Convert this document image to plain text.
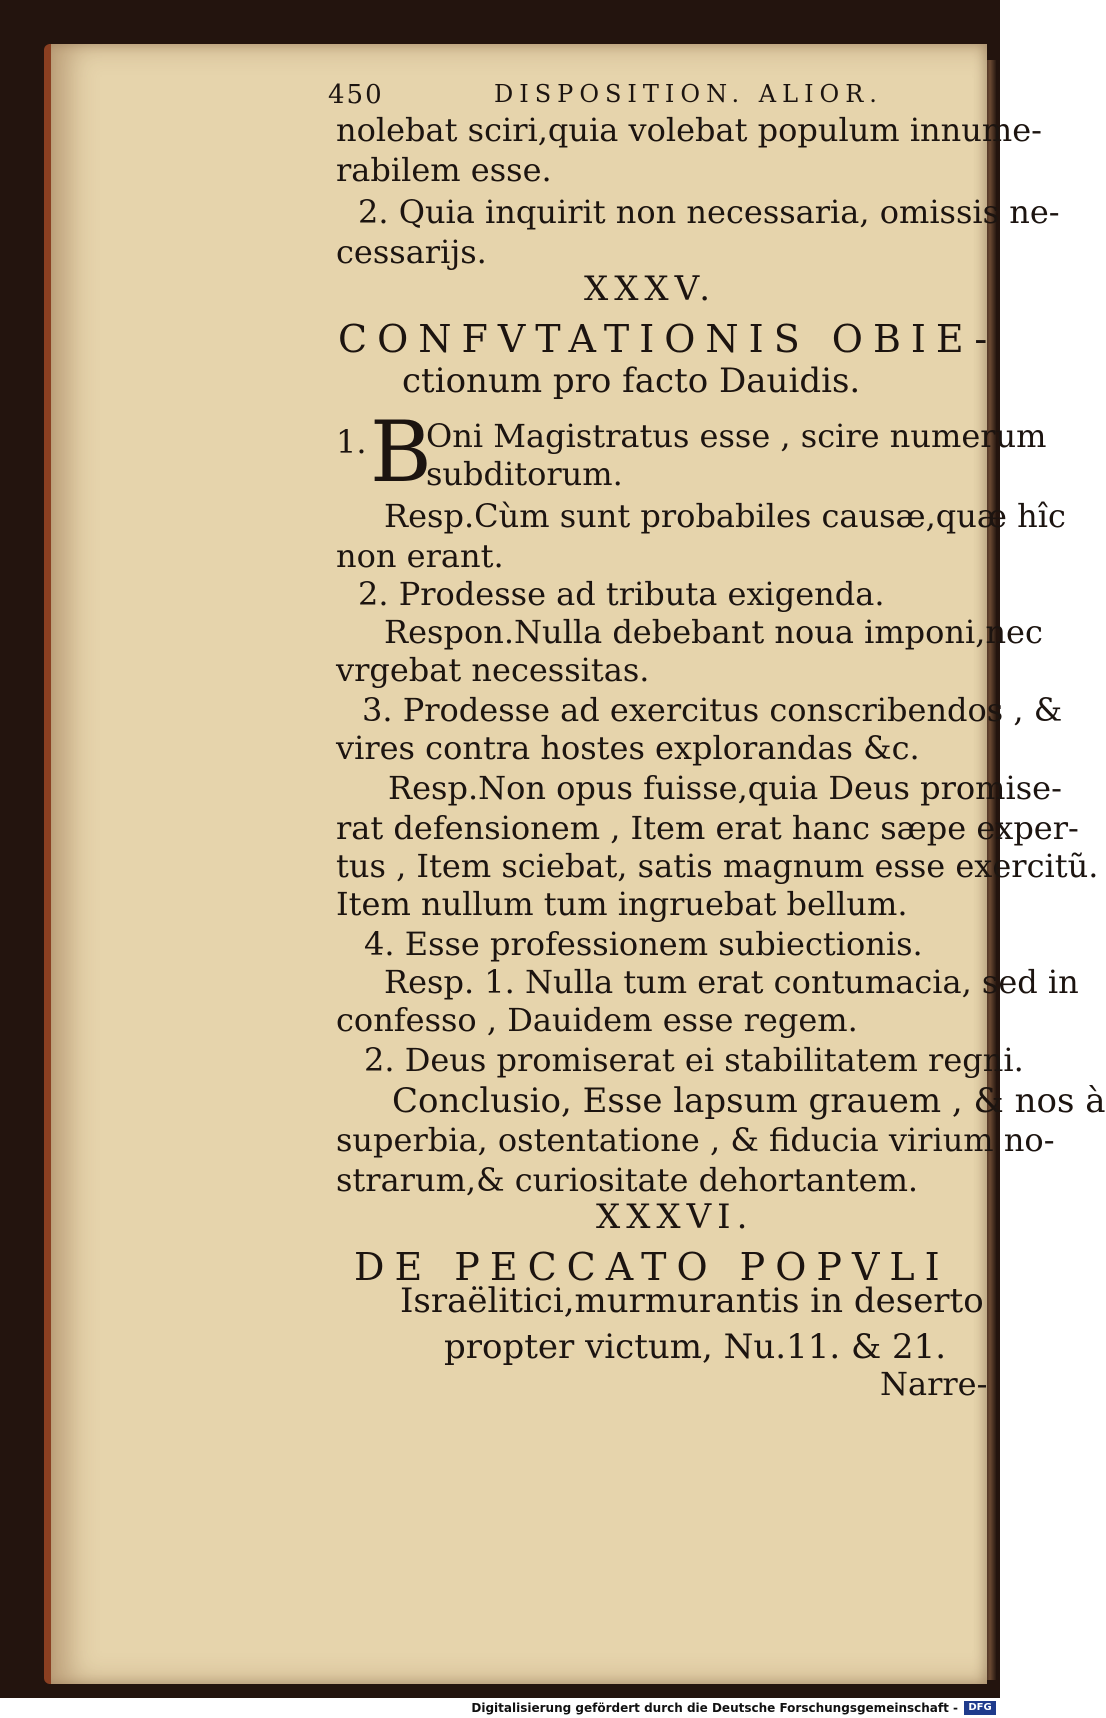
450	DISPOSITION. ALIOR.
nolebat sciri,quia volebat populum innume-
rabilem esse.
2. Quia inquirit non necessaria, omissis ne-
cessarijs.
XXXV.
CONFVTATIONIS OBIE-
ctionum pro facto Dauidis.
1. B
Oni Magistratus esse , scire numerum
subditorum.
Resp.Cùm sunt probabiles causæ,quæ hîc
non erant.
2. Prodesse ad tributa exigenda.
Respon.Nulla debebant noua imponi,nec
vrgebat necessitas.
3. Prodesse ad exercitus conscribendos , &
vires contra hostes explorandas &c.
Resp.Non opus fuisse,quia Deus promise-
rat defensionem , Item erat hanc sæpe exper-
tus , Item sciebat, satis magnum esse exercitũ.
Item nullum tum ingruebat bellum.
4. Esse professionem subiectionis.
Resp. 1. Nulla tum erat contumacia, sed in
confesso , Dauidem esse regem.
2. Deus promiserat ei stabilitatem regni.
Conclusio, Esse lapsum grauem , & nos à
superbia, ostentatione , & fiducia virium no-
strarum,& curiositate dehortantem.
XXXVI.
DE PECCATO POPVLI
Israëlitici,murmurantis in deserto
propter victum, Nu.11. & 21.
Narre-
Digitalisierung gefördert durch die Deutsche Forschungsgemeinschaft -	DFG
